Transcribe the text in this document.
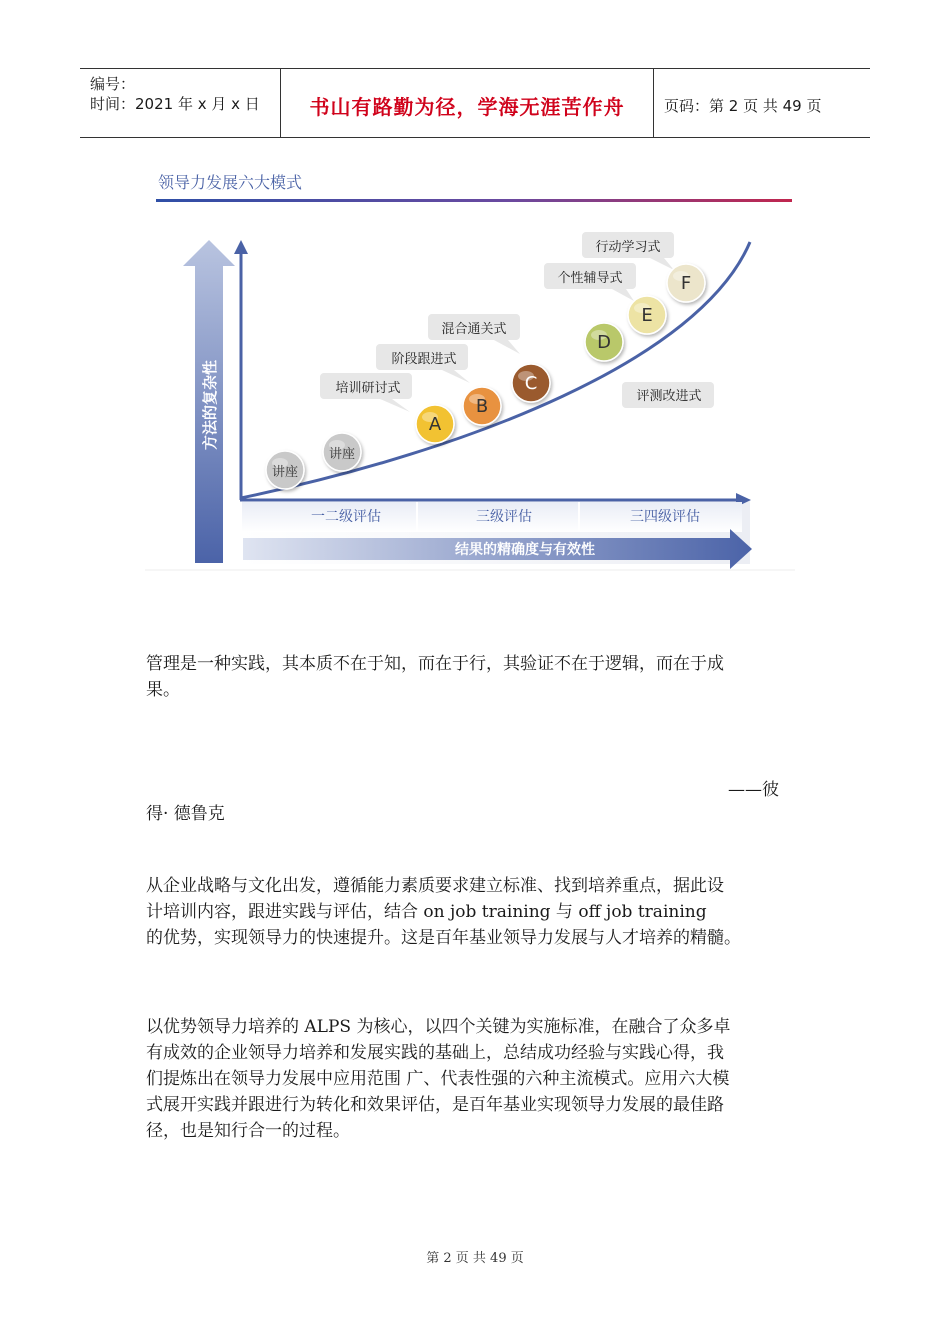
编号：
时间：2021 年 x 月 x 日	书山有路勤为径，学海无涯苦作舟	页码：第 2 页 共 49 页
领导力发展六大模式
方法的复杂性
一二级评估	三级评估	三四级评估
结果的精确度与有效性
培训研讨式
阶段跟进式
混合通关式
评测改进式
个性辅导式
行动学习式
讲座
讲座
A
B
C
D
E
F
管理是一种实践，其本质不在于知，而在于行，其验证不在于逻辑，而在于成
果。
——彼
得· 德鲁克
从企业战略与文化出发，遵循能力素质要求建立标准、找到培养重点，据此设
计培训内容，跟进实践与评估，结合 on job training 与 off job training
的优势，实现领导力的快速提升。这是百年基业领导力发展与人才培养的精髓。
以优势领导力培养的 ALPS 为核心，以四个关键为实施标准，在融合了众多卓
有成效的企业领导力培养和发展实践的基础上，总结成功经验与实践心得，我
们提炼出在领导力发展中应用范围 广、代表性强的六种主流模式。应用六大模
式展开实践并跟进行为转化和效果评估，是百年基业实现领导力发展的最佳路
径，也是知行合一的过程。
第 2 页 共 49 页
